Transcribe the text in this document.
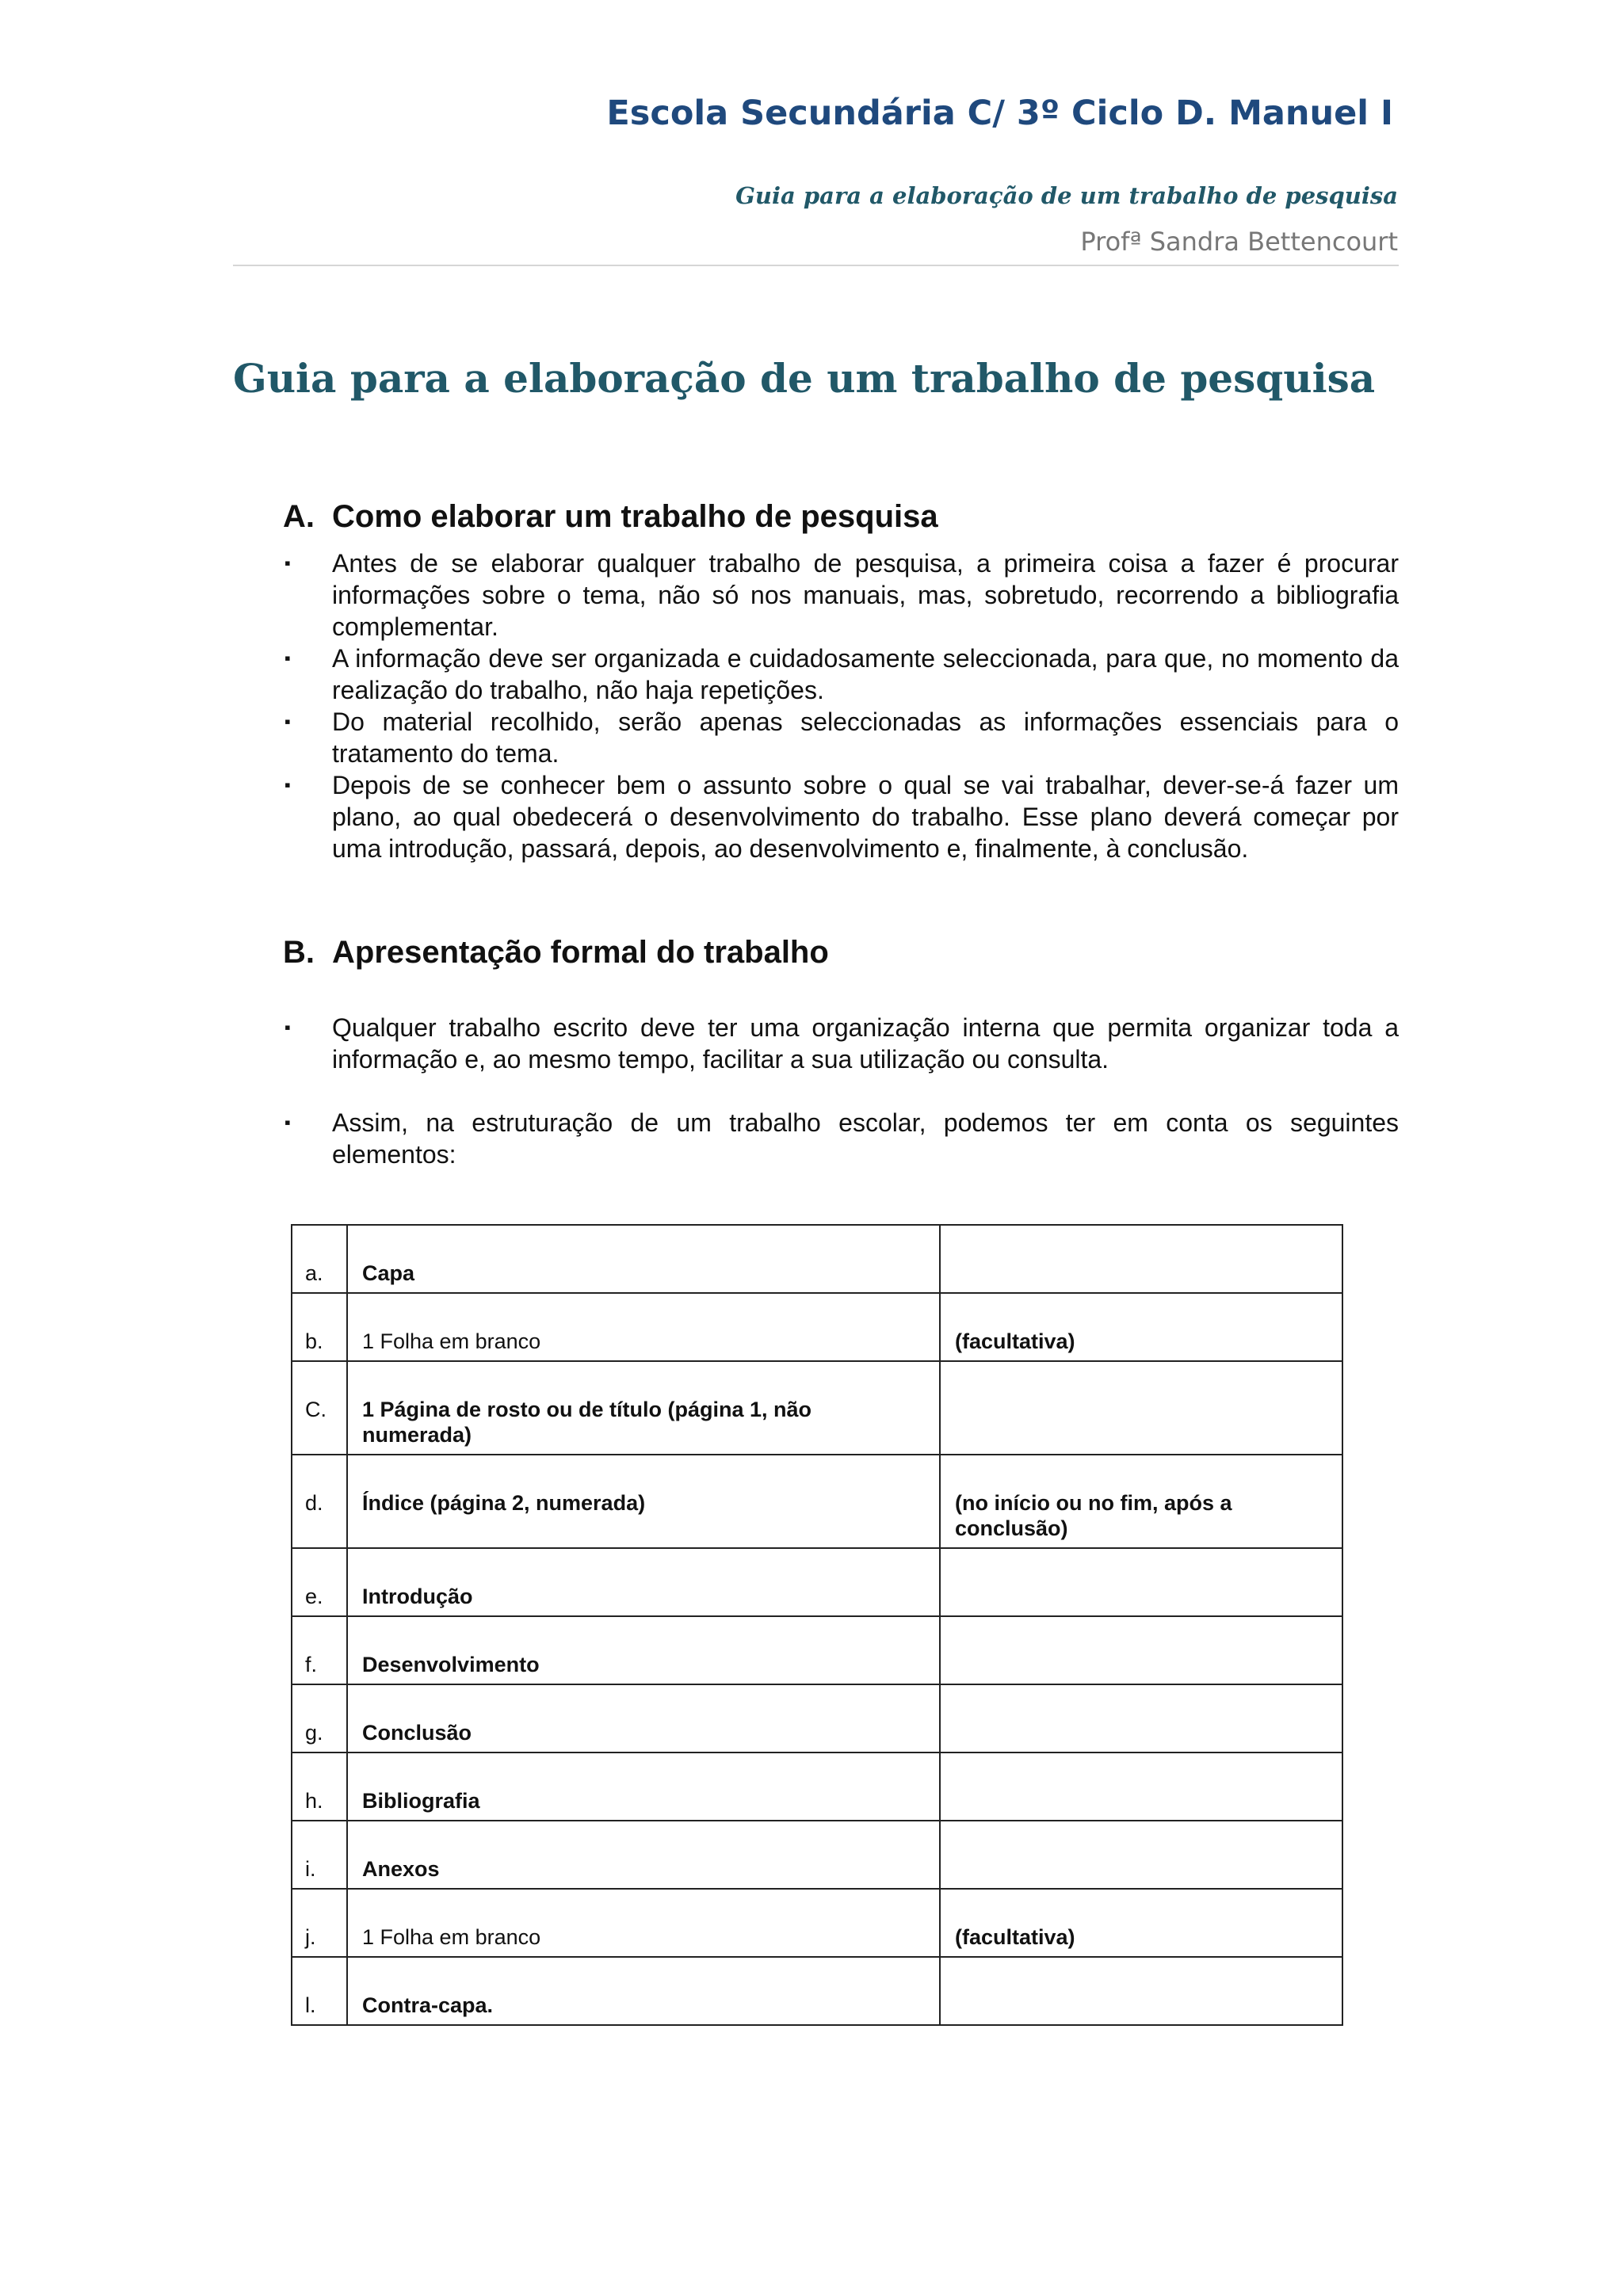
Escola Secundária C/ 3º Ciclo D. Manuel I
Guia para a elaboração de um trabalho de pesquisa
Profª Sandra Bettencourt
Guia para a elaboração de um trabalho de pesquisa
A. Como elaborar um trabalho de pesquisa
▪ Antes de se elaborar qualquer trabalho de pesquisa, a primeira coisa a fazer é procurar informações sobre o tema, não só nos manuais, mas, sobretudo, recorrendo a bibliografia complementar.
▪ A informação deve ser organizada e cuidadosamente seleccionada, para que, no momento da realização do trabalho, não haja repetições.
▪ Do material recolhido, serão apenas seleccionadas as informações essenciais para o tratamento do tema.
▪ Depois de se conhecer bem o assunto sobre o qual se vai trabalhar, dever-se-á fazer um plano, ao qual obedecerá o desenvolvimento do trabalho. Esse plano deverá começar por uma introdução, passará, depois, ao desenvolvimento e, finalmente, à conclusão.
B. Apresentação formal do trabalho
▪ Qualquer trabalho escrito deve ter uma organização interna que permita organizar toda a informação e, ao mesmo tempo, facilitar a sua utilização ou consulta.
▪ Assim, na estruturação de um trabalho escolar, podemos ter em conta os seguintes elementos:
a.	Capa	
b.	1 Folha em branco	(facultativa)
C.	1 Página de rosto ou de título (página 1, não numerada)	
d.	Índice (página 2, numerada)	(no início ou no fim, após a conclusão)
e.	Introdução	
f.	Desenvolvimento	
g.	Conclusão	
h.	Bibliografia	
i.	Anexos	
j.	1 Folha em branco	(facultativa)
l.	Contra-capa.	
